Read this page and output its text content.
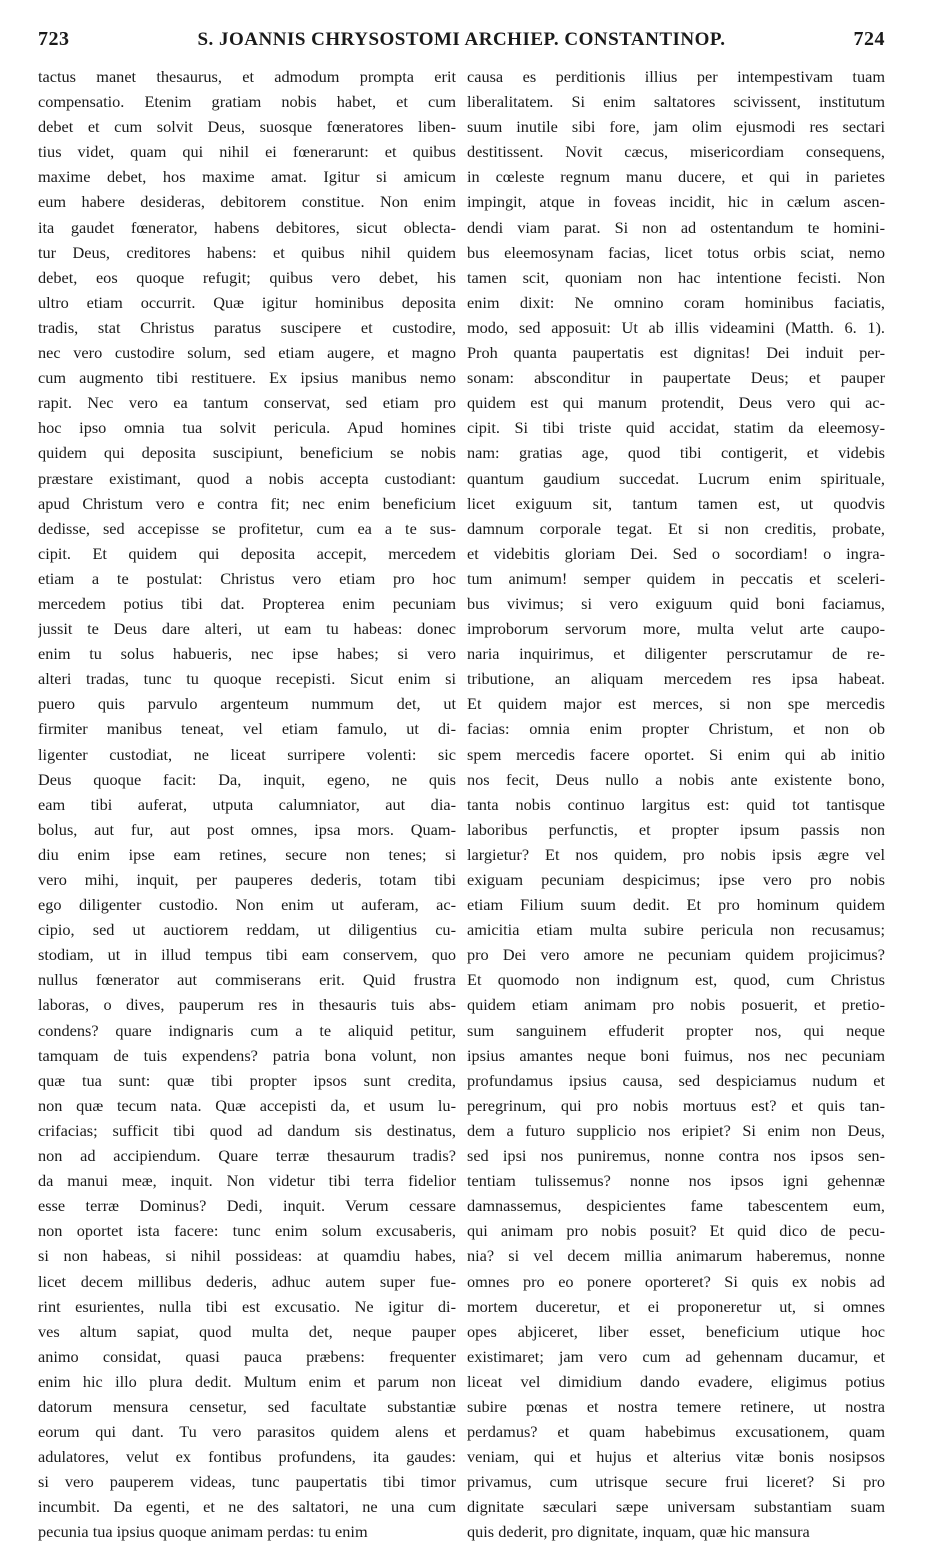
723	S. JOANNIS CHRYSOSTOMI ARCHIEP. CONSTANTINOP.	724
tactus manet thesaurus, et admodum prompta erit
compensatio. Etenim gratiam nobis habet, et cum
debet et cum solvit Deus, suosque fœneratores liben-
tius videt, quam qui nihil ei fœnerarunt: et quibus
maxime debet, hos maxime amat. Igitur si amicum
eum habere desideras, debitorem constitue. Non enim
ita gaudet fœnerator, habens debitores, sicut oblecta-
tur Deus, creditores habens: et quibus nihil quidem
debet, eos quoque refugit; quibus vero debet, his
ultro etiam occurrit. Quæ igitur hominibus deposita
tradis, stat Christus paratus suscipere et custodire,
nec vero custodire solum, sed etiam augere, et magno
cum augmento tibi restituere. Ex ipsius manibus nemo
rapit. Nec vero ea tantum conservat, sed etiam pro
hoc ipso omnia tua solvit pericula. Apud homines
quidem qui deposita suscipiunt, beneficium se nobis
præstare existimant, quod a nobis accepta custodiant:
apud Christum vero e contra fit; nec enim beneficium
dedisse, sed accepisse se profitetur, cum ea a te sus-
cipit. Et quidem qui deposita accepit, mercedem
etiam a te postulat: Christus vero etiam pro hoc
mercedem potius tibi dat. Propterea enim pecuniam
jussit te Deus dare alteri, ut eam tu habeas: donec
enim tu solus habueris, nec ipse habes; si vero
alteri tradas, tunc tu quoque recepisti. Sicut enim si
puero quis parvulo argenteum nummum det, ut
firmiter manibus teneat, vel etiam famulo, ut di-
ligenter custodiat, ne liceat surripere volenti: sic
Deus quoque facit: Da, inquit, egeno, ne quis
eam tibi auferat, utputa calumniator, aut dia-
bolus, aut fur, aut post omnes, ipsa mors. Quam-
diu enim ipse eam retines, secure non tenes; si
vero mihi, inquit, per pauperes dederis, totam tibi
ego diligenter custodio. Non enim ut auferam, ac-
cipio, sed ut auctiorem reddam, ut diligentius cu-
stodiam, ut in illud tempus tibi eam conservem, quo
nullus fœnerator aut commiserans erit. Quid frustra
laboras, o dives, pauperum res in thesauris tuis abs-
condens? quare indignaris cum a te aliquid petitur,
tamquam de tuis expendens? patria bona volunt, non
quæ tua sunt: quæ tibi propter ipsos sunt credita,
non quæ tecum nata. Quæ accepisti da, et usum lu-
crifacias; sufficit tibi quod ad dandum sis destinatus,
non ad accipiendum. Quare terræ thesaurum tradis?
da manui meæ, inquit. Non videtur tibi terra fidelior
esse terræ Dominus? Dedi, inquit. Verum cessare
non oportet ista facere: tunc enim solum excusaberis,
si non habeas, si nihil possideas: at quamdiu habes,
licet decem millibus dederis, adhuc autem super fue-
rint esurientes, nulla tibi est excusatio. Ne igitur di-
ves altum sapiat, quod multa det, neque pauper
animo considat, quasi pauca præbens: frequenter
enim hic illo plura dedit. Multum enim et parum non
datorum mensura censetur, sed facultate substantiæ
eorum qui dant. Tu vero parasitos quidem alens et
adulatores, velut ex fontibus profundens, ita gaudes:
si vero pauperem videas, tunc paupertatis tibi timor
incumbit. Da egenti, et ne des saltatori, ne una cum
pecunia tua ipsius quoque animam perdas: tu enim
causa es perditionis illius per intempestivam tuam
liberalitatem. Si enim saltatores scivissent, institutum
suum inutile sibi fore, jam olim ejusmodi res sectari
destitissent. Novit cæcus, misericordiam consequens,
in cœleste regnum manu ducere, et qui in parietes
impingit, atque in foveas incidit, hic in cælum ascen-
dendi viam parat. Si non ad ostentandum te homini-
bus eleemosynam facias, licet totus orbis sciat, nemo
tamen scit, quoniam non hac intentione fecisti. Non
enim dixit: Ne omnino coram hominibus faciatis,
modo, sed apposuit: Ut ab illis videamini (Matth. 6. 1).
Proh quanta paupertatis est dignitas! Dei induit per-
sonam: absconditur in paupertate Deus; et pauper
quidem est qui manum protendit, Deus vero qui ac-
cipit. Si tibi triste quid accidat, statim da eleemosy-
nam: gratias age, quod tibi contigerit, et videbis
quantum gaudium succedat. Lucrum enim spirituale,
licet exiguum sit, tantum tamen est, ut quodvis
damnum corporale tegat. Et si non creditis, probate,
et videbitis gloriam Dei. Sed o socordiam! o ingra-
tum animum! semper quidem in peccatis et sceleri-
bus vivimus; si vero exiguum quid boni faciamus,
improborum servorum more, multa velut arte caupo-
naria inquirimus, et diligenter perscrutamur de re-
tributione, an aliquam mercedem res ipsa habeat.
Et quidem major est merces, si non spe mercedis
facias: omnia enim propter Christum, et non ob
spem mercedis facere oportet. Si enim qui ab initio
nos fecit, Deus nullo a nobis ante existente bono,
tanta nobis continuo largitus est: quid tot tantisque
laboribus perfunctis, et propter ipsum passis non
largietur? Et nos quidem, pro nobis ipsis ægre vel
exiguam pecuniam despicimus; ipse vero pro nobis
etiam Filium suum dedit. Et pro hominum quidem
amicitia etiam multa subire pericula non recusamus;
pro Dei vero amore ne pecuniam quidem projicimus?
Et quomodo non indignum est, quod, cum Christus
quidem etiam animam pro nobis posuerit, et pretio-
sum sanguinem effuderit propter nos, qui neque
ipsius amantes neque boni fuimus, nos nec pecuniam
profundamus ipsius causa, sed despiciamus nudum et
peregrinum, qui pro nobis mortuus est? et quis tan-
dem a futuro supplicio nos eripiet? Si enim non Deus,
sed ipsi nos puniremus, nonne contra nos ipsos sen-
tentiam tulissemus? nonne nos ipsos igni gehennæ
damnassemus, despicientes fame tabescentem eum,
qui animam pro nobis posuit? Et quid dico de pecu-
nia? si vel decem millia animarum haberemus, nonne
omnes pro eo ponere oporteret? Si quis ex nobis ad
mortem duceretur, et ei proponeretur ut, si omnes
opes abjiceret, liber esset, beneficium utique hoc
existimaret; jam vero cum ad gehennam ducamur, et
liceat vel dimidium dando evadere, eligimus potius
subire pœnas et nostra temere retinere, ut nostra
perdamus? et quam habebimus excusationem, quam
veniam, qui et hujus et alterius vitæ bonis nosipsos
privamus, cum utrisque secure frui liceret? Si pro
dignitate sæculari sæpe universam substantiam suam
quis dederit, pro dignitate, inquam, quæ hic mansura
